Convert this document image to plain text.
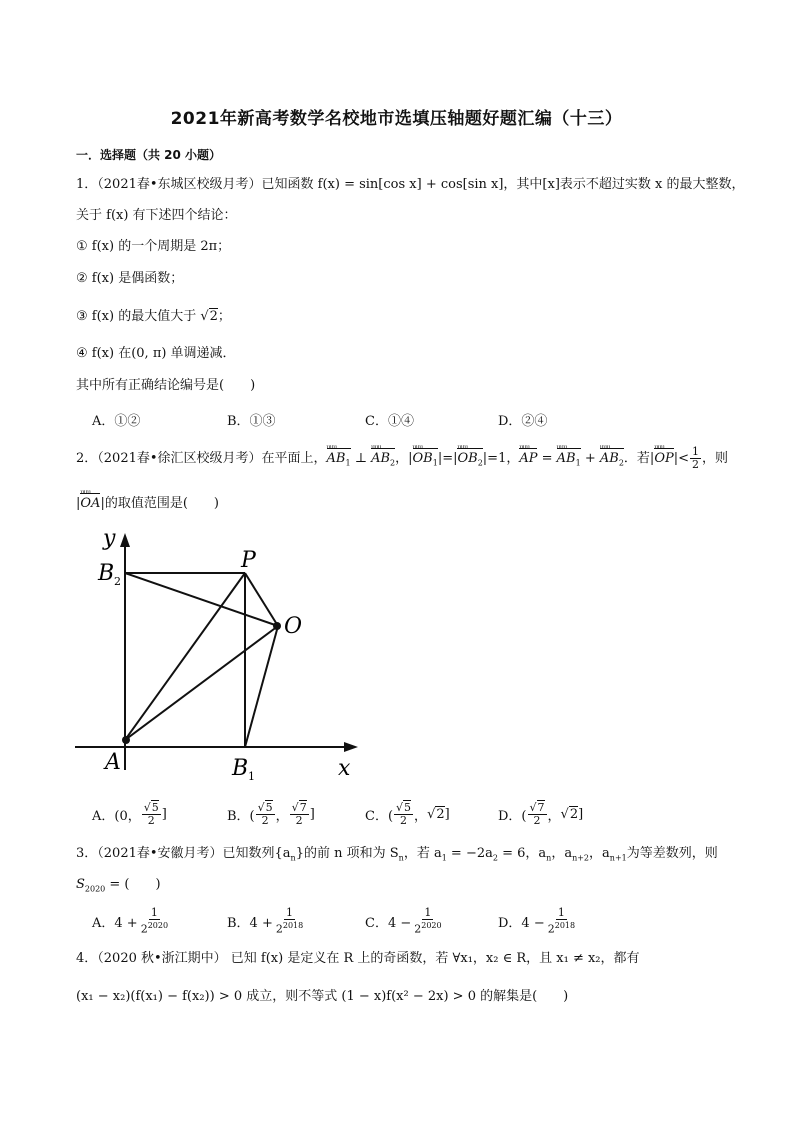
2021年新高考数学名校地市选填压轴题好题汇编（十三）
一．选择题（共 20 小题）
1．（2021春•东城区校级月考）已知函数 f(x) = sin[cos x] + cos[sin x]，其中[x]表示不超过实数 x 的最大整数，
关于 f(x) 有下述四个结论：
① f(x) 的一个周期是 2π；
② f(x) 是偶函数；
③ f(x) 的最大值大于 √2；
④ f(x) 在(0, π) 单调递减．
其中所有正确结论编号是(　　)
A．①②	B．①③	C．①④	D．②④
2．（2021春•徐汇区校级月考）在平面上，$AB_1$ uuu ⊥ $AB_2$ uuu，$|OB_1$ $uuu|=|OB_2$ uuu|=1，AP uuu = $AB_1$ uuu + $AB_2$ uuu．若|OP $uuu|< \frac{1}{2}$ ，则
|OA uuu|的取值范围是(　　)
y
B 2
P
O
A	B 1	x
A．(0， $\frac{√5}{2}$ ]	B．( $\frac{√5}{2}$ ， $\frac{√7}{2}$ ]	C．( $\frac{√5}{2}$ ， √2 ]	D．( $\frac{√7}{2}$ ， √2 ]
3．（2021春•安徽月考）已知数列$\{a_n\}$的前 n 项和为 $S_n$，若 $a_1 = -2a_2 = 6$，$a_n$，$a_{n+2}$，$a_{n+1}$为等差数列，则
$S_{2020}$ = (　　)
A．$4 + \frac{1}{2^{2020}}$	B．$4 + \frac{1}{2^{2018}}$	C．$4 - \frac{1}{2^{2020}}$	D．$4 - \frac{1}{2^{2018}}$
4．（2020 秋•浙江期中） 已知 f(x) 是定义在 R 上的奇函数，若 ∀x₁，x₂ ∈ R，且 x₁ ≠ x₂，都有
(x₁ − x₂)(f(x₁) − f(x₂)) > 0 成立，则不等式 (1 − x)f(x² − 2x) > 0 的解集是(　　)
